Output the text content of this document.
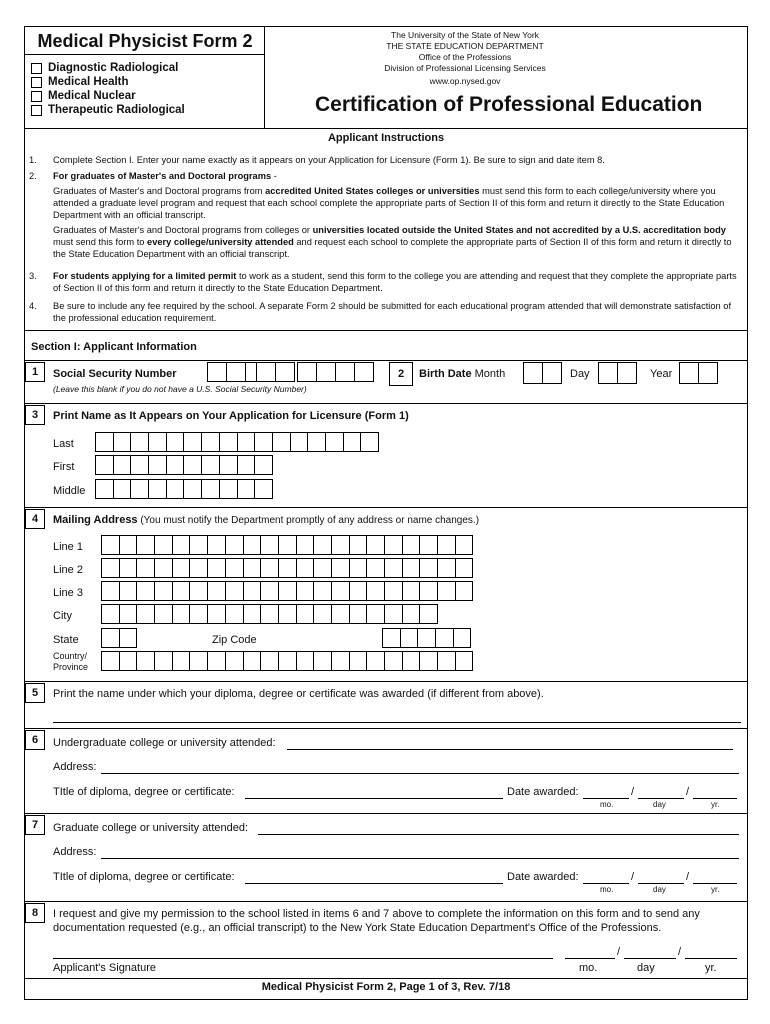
Medical Physicist Form 2
Diagnostic Radiological
Medical Health
Medical Nuclear
Therapeutic Radiological
The University of the State of New York
THE STATE EDUCATION DEPARTMENT
Office of the Professions
Division of Professional Licensing Services
www.op.nysed.gov
Certification of Professional Education
Applicant Instructions
1. Complete Section I. Enter your name exactly as it appears on your Application for Licensure (Form 1). Be sure to sign and date item 8.
2. For graduates of Master's and Doctoral programs -
Graduates of Master's and Doctoral programs from accredited United States colleges or universities must send this form to each college/university where you attended a graduate level program and request that each school complete the appropriate parts of Section II of this form and return it directly to the State Education Department with an official transcript.
Graduates of Master's and Doctoral programs from colleges or universities located outside the United States and not accredited by a U.S. accreditation body must send this form to every college/university attended and request each school to complete the appropriate parts of Section II of this form and return it directly to the State Education Department with an official transcript.
3. For students applying for a limited permit to work as a student, send this form to the college you are attending and request that they complete the appropriate parts of Section II of this form and return it directly to the State Education Department.
4. Be sure to include any fee required by the school. A separate Form 2 should be submitted for each educational program attended that will demonstrate satisfaction of the professional education requirement.
Section I: Applicant Information
1	Social Security Number
(Leave this blank if you do not have a U.S. Social Security Number)
2	Birth Date Month	Day	Year
3	Print Name as It Appears on Your Application for Licensure (Form 1)
Last
First
Middle
4	Mailing Address (You must notify the Department promptly of any address or name changes.)
Line 1
Line 2
Line 3
City
State	Zip Code
Country/
Province
5	Print the name under which your diploma, degree or certificate was awarded (if different from above).
6	Undergraduate college or university attended:
Address:
TItle of diploma, degree or certificate:	Date awarded:	/	/
mo.	day	yr.
7	Graduate college or university attended:
Address:
TItle of diploma, degree or certificate:	Date awarded:	/	/
mo.	day	yr.
8	I request and give my permission to the school listed in items 6 and 7 above to complete the information on this form and to send any documentation requested (e.g., an official transcript) to the New York State Education Department's Office of the Professions.
Applicant's Signature
/	/
mo.	day	yr.
Medical Physicist Form 2, Page 1 of 3, Rev. 7/18
